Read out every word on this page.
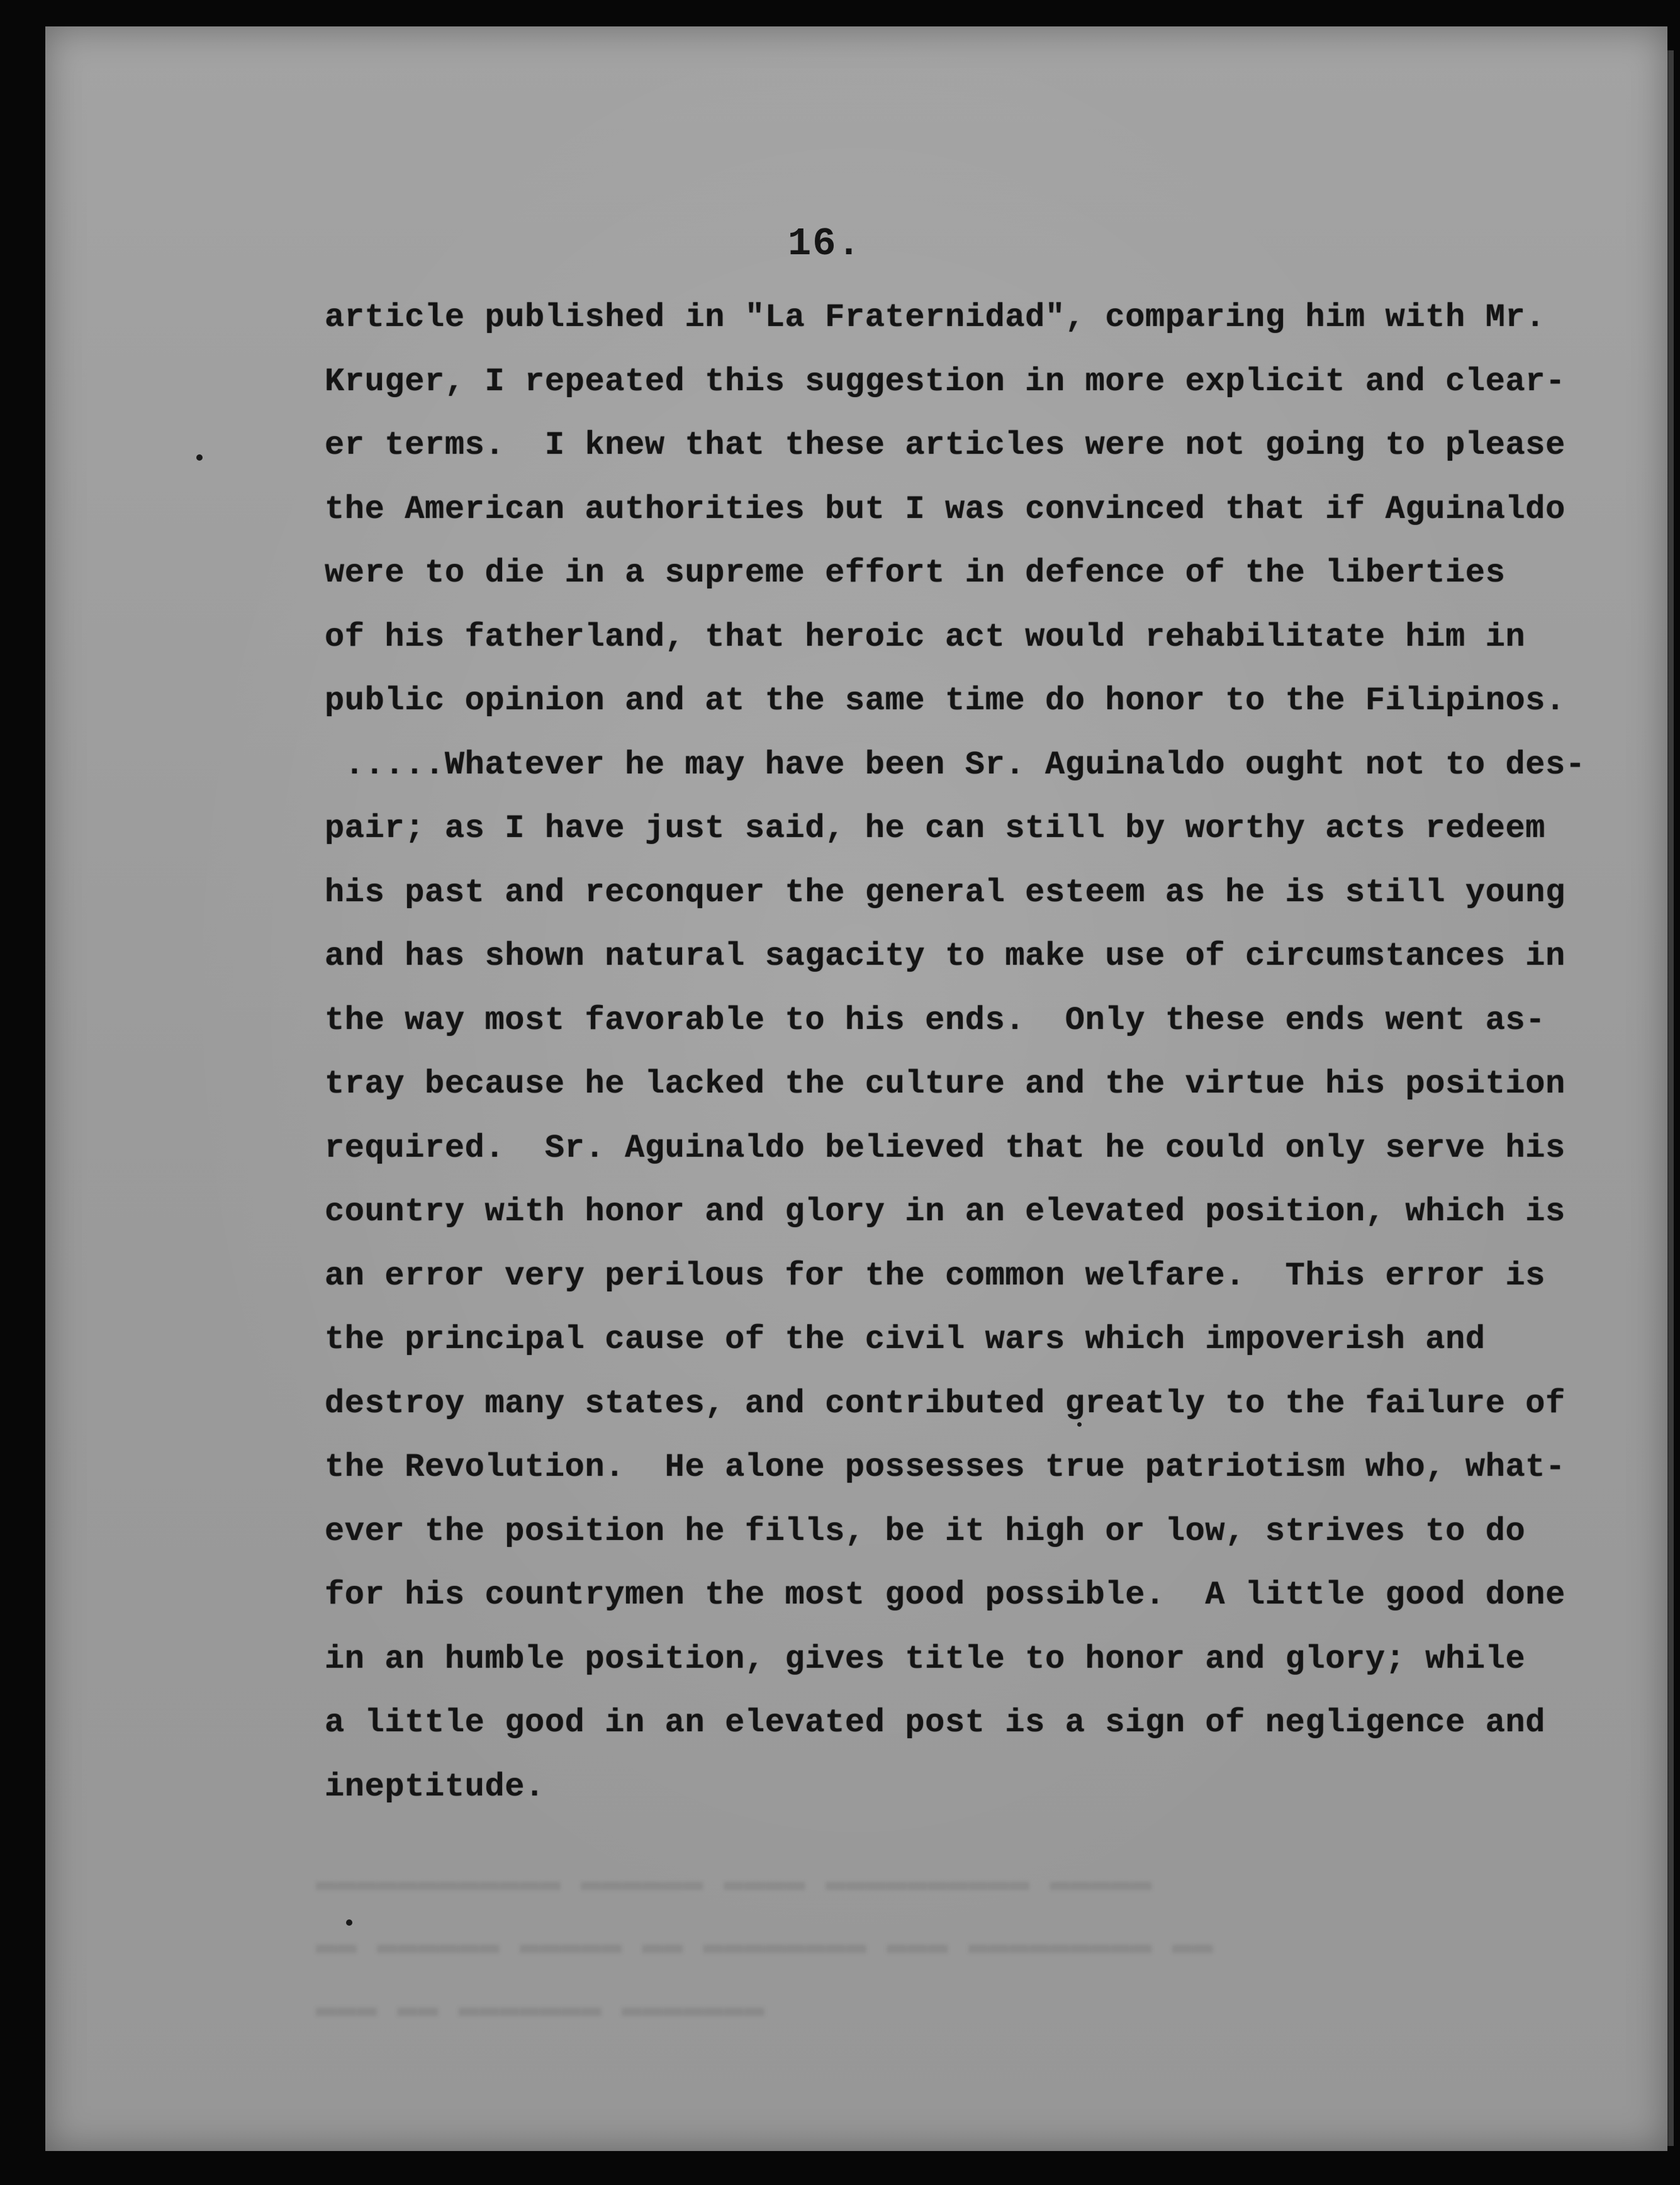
▬▬▬▬▬▬▬▬▬▬▬▬ ▬▬▬▬▬▬ ▬▬▬▬ ▬▬▬▬▬▬▬▬▬▬ ▬▬▬▬▬
▬▬ ▬▬▬▬▬▬ ▬▬▬▬▬ ▬▬ ▬▬▬▬▬▬▬▬ ▬▬▬ ▬▬▬▬▬▬▬▬▬ ▬▬
▬▬▬ ▬▬ ▬▬▬▬▬▬▬ ▬▬▬▬▬▬▬
16.
article published in "La Fraternidad", comparing him with Mr.
Kruger, I repeated this suggestion in more explicit and clear-
er terms.  I knew that these articles were not going to please
the American authorities but I was convinced that if Aguinaldo
were to die in a supreme effort in defence of the liberties
of his fatherland, that heroic act would rehabilitate him in
public opinion and at the same time do honor to the Filipinos.
.....Whatever he may have been Sr. Aguinaldo ought not to des-
pair; as I have just said, he can still by worthy acts redeem
his past and reconquer the general esteem as he is still young
and has shown natural sagacity to make use of circumstances in
the way most favorable to his ends.  Only these ends went as-
tray because he lacked the culture and the virtue his position
required.  Sr. Aguinaldo believed that he could only serve his
country with honor and glory in an elevated position, which is
an error very perilous for the common welfare.  This error is
the principal cause of the civil wars which impoverish and
destroy many states, and contributed greatly to the failure of
the Revolution.  He alone possesses true patriotism who, what-
ever the position he fills, be it high or low, strives to do
for his countrymen the most good possible.  A little good done
in an humble position, gives title to honor and glory; while
a little good in an elevated post is a sign of negligence and
ineptitude.
